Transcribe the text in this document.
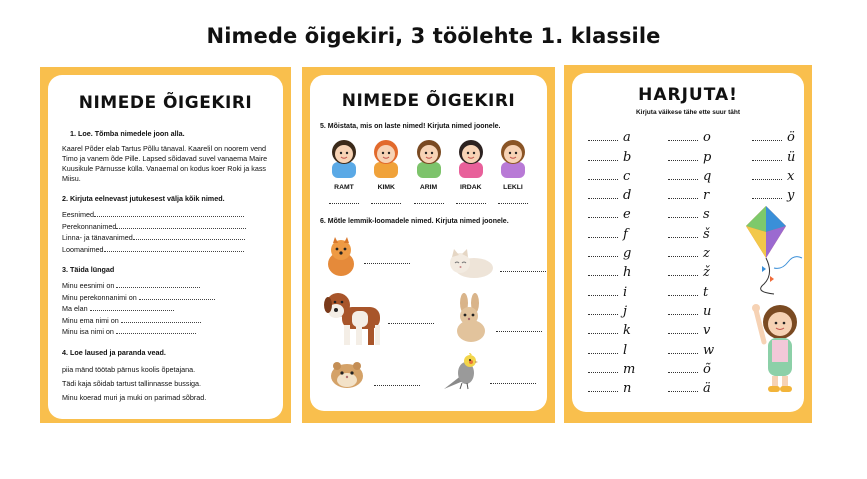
Nimede õigekiri, 3 töölehte 1. klassile
NIMEDE ÕIGEKIRI
1. Loe. Tõmba nimedele joon alla.
Kaarel Põder elab Tartus Põllu tänaval. Kaarelil on noorem vend Timo ja vanem õde Pille. Lapsed sõidavad suvel vanaema Maire Kuusikule Pärnusse külla. Vanaemal on kodus koer Roki ja kass Miisu.
2. Kirjuta eelnevast jutukesest välja kõik nimed.
Eesnimed
Perekonnanimed
Linna- ja tänavanimed
Loomanimed
3. Täida lüngad
Minu eesnimi on
Minu perekonnanimi on
Ma elan
Minu ema nimi on
Minu isa nimi on
4. Loe laused ja paranda vead.
piia mänd töötab pärnus koolis õpetajana.
Tädi kaja sõidab tartust tallinnasse bussiga.
Minu koerad muri ja muki on parimad sõbrad.
NIMEDE ÕIGEKIRI
5. Mõistata, mis on laste nimed! Kirjuta nimed joonele.
RAMT	KIMK	ARIM	IRDAK	LEKLI
6. Mõtle lemmik-loomadele nimed. Kirjuta nimed joonele.
HARJUTA!
Kirjuta väikese tähe ette suur täht
a
b
c
d
e
f
g
h
i
j
k
l
m
n
o
p
q
r
s
š
z
ž
t
u
v
w
õ
ä
ö
ü
x
y
